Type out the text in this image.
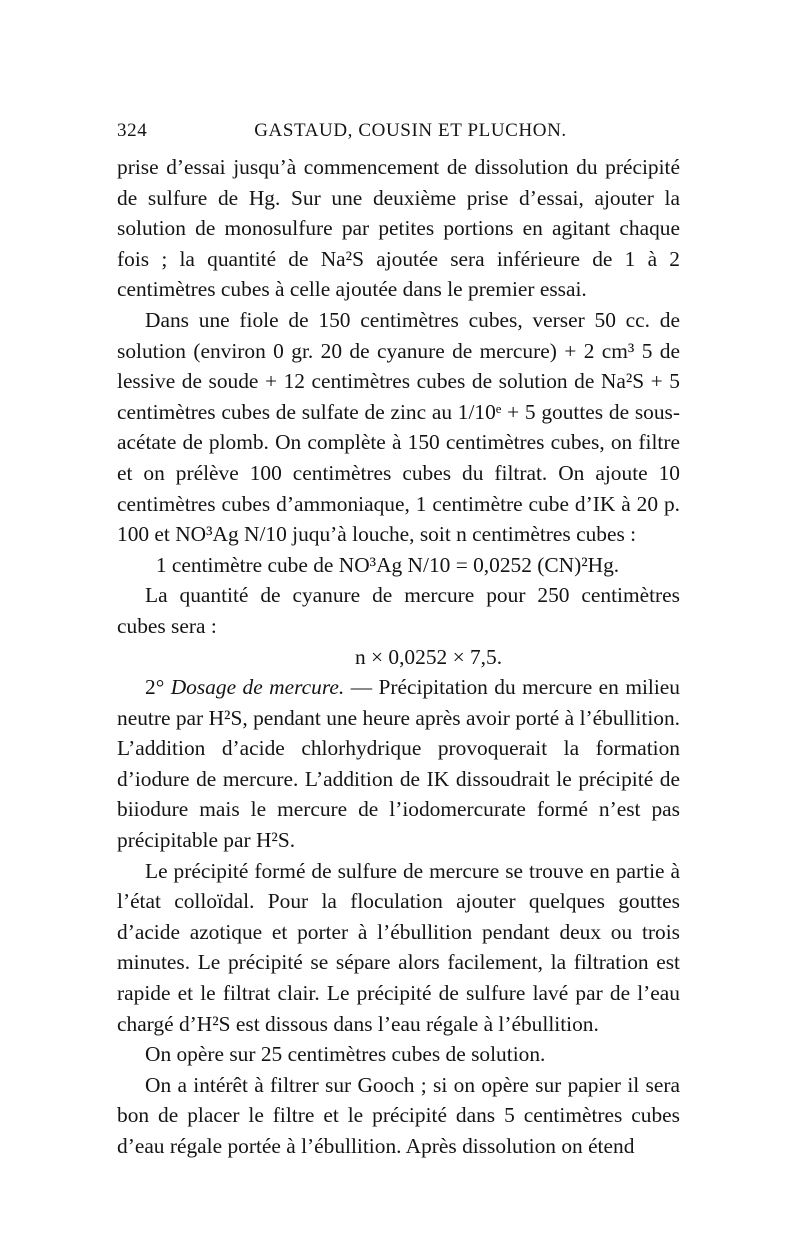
324	GASTAUD, COUSIN ET PLUCHON.

prise d’essai jusqu’à commencement de dissolution du précipité de sulfure de Hg. Sur une deuxième prise d’essai, ajouter la solution de monosulfure par petites portions en agitant chaque fois ; la quantité de Na²S ajoutée sera inférieure de 1 à 2 centimètres cubes à celle ajoutée dans le premier essai.

Dans une fiole de 150 centimètres cubes, verser 50 cc. de solution (environ 0 gr. 20 de cyanure de mercure) + 2 cm³ 5 de lessive de soude + 12 centimètres cubes de solution de Na²S + 5 centimètres cubes de sulfate de zinc au 1/10ᵉ + 5 gouttes de sous-acétate de plomb. On complète à 150 centimètres cubes, on filtre et on prélève 100 centimètres cubes du filtrat. On ajoute 10 centimètres cubes d’ammoniaque, 1 centimètre cube d’IK à 20 p. 100 et NO³Ag N/10 juqu’à louche, soit n centimètres cubes :

1 centimètre cube de NO³Ag N/10 = 0,0252 (CN)²Hg.

La quantité de cyanure de mercure pour 250 centimètres cubes sera :

n × 0,0252 × 7,5.

2° Dosage de mercure. — Précipitation du mercure en milieu neutre par H²S, pendant une heure après avoir porté à l’ébullition. L’addition d’acide chlorhydrique provoquerait la formation d’iodure de mercure. L’addition de IK dissoudrait le précipité de biiodure mais le mercure de l’iodomercurate formé n’est pas précipitable par H²S.

Le précipité formé de sulfure de mercure se trouve en partie à l’état colloïdal. Pour la floculation ajouter quelques gouttes d’acide azotique et porter à l’ébullition pendant deux ou trois minutes. Le précipité se sépare alors facilement, la filtration est rapide et le filtrat clair. Le précipité de sulfure lavé par de l’eau chargé d’H²S est dissous dans l’eau régale à l’ébullition.

On opère sur 25 centimètres cubes de solution.

On a intérêt à filtrer sur Gooch ; si on opère sur papier il sera bon de placer le filtre et le précipité dans 5 centimètres cubes d’eau régale portée à l’ébullition. Après dissolution on étend
